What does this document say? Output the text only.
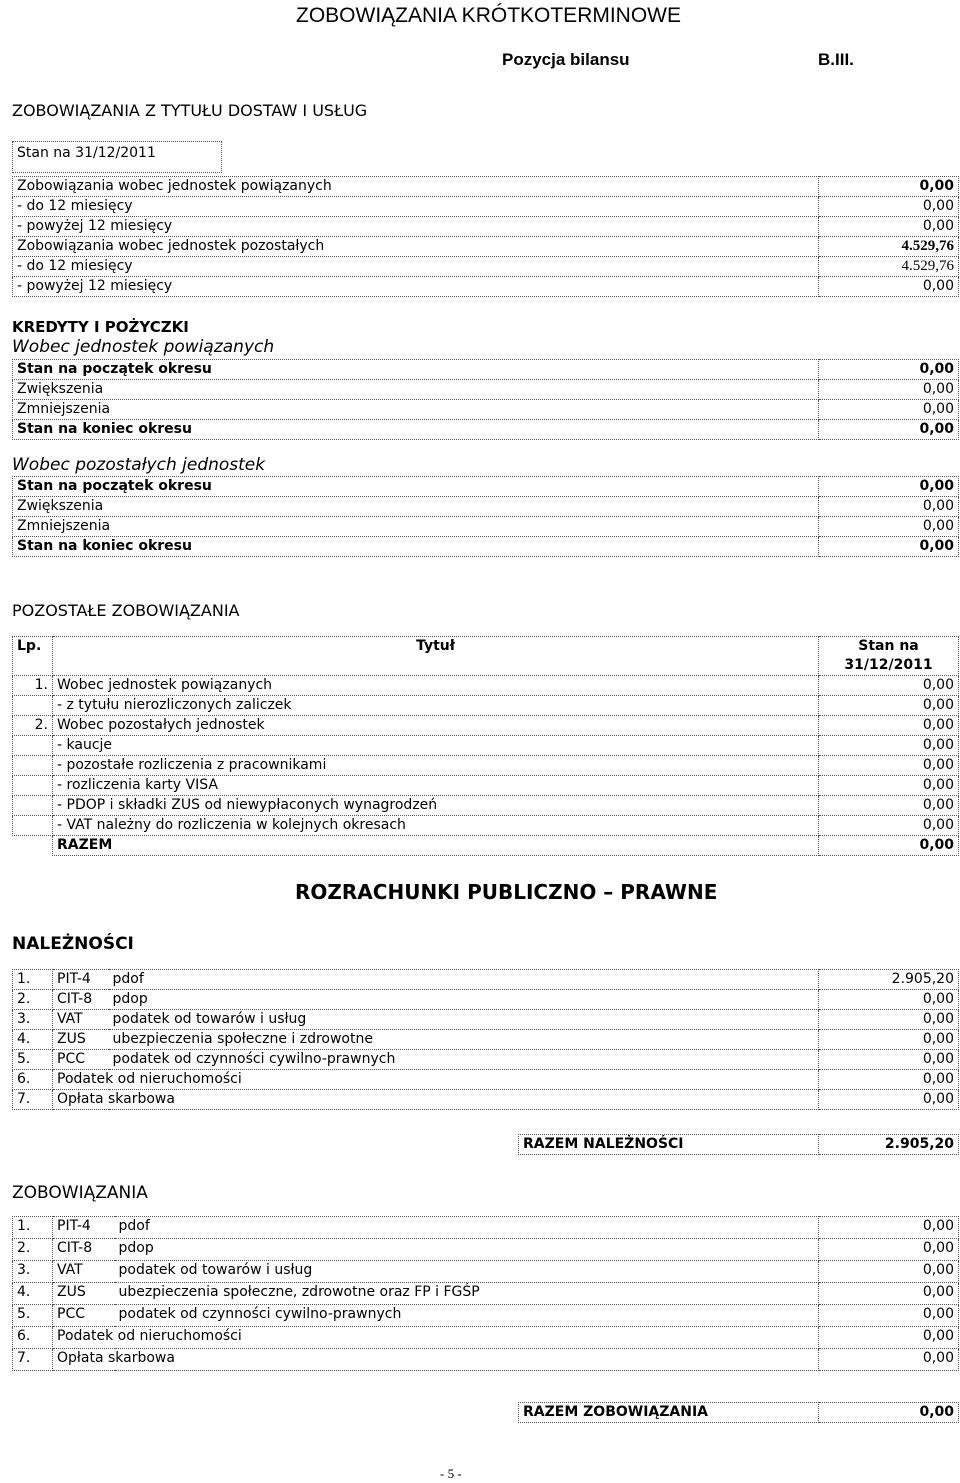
ZOBOWIĄZANIA KRÓTKOTERMINOWE
Pozycja bilansu	B.III.
ZOBOWIĄZANIA Z TYTUŁU DOSTAW I USŁUG
Stan na 31/12/2011
Zobowiązania wobec jednostek powiązanych	0,00
- do 12 miesięcy	0,00
- powyżej 12 miesięcy	0,00
Zobowiązania wobec jednostek pozostałych	4.529,76
- do 12 miesięcy	4.529,76
- powyżej 12 miesięcy	0,00
KREDYTY I POŻYCZKI
Wobec jednostek powiązanych
Stan na początek okresu	0,00
Zwiększenia	0,00
Zmniejszenia	0,00
Stan na koniec okresu	0,00
Wobec pozostałych jednostek
Stan na początek okresu	0,00
Zwiększenia	0,00
Zmniejszenia	0,00
Stan na koniec okresu	0,00
POZOSTAŁE ZOBOWIĄZANIA
Lp.	Tytuł	Stan na
31/12/2011

1.	Wobec jednostek powiązanych	0,00
	- z tytułu nierozliczonych zaliczek	0,00
2.	Wobec pozostałych jednostek	0,00
	- kaucje	0,00
	- pozostałe rozliczenia z pracownikami	0,00
	- rozliczenia karty VISA	0,00
	- PDOP i składki ZUS od niewypłaconych wynagrodzeń	0,00
	- VAT należny do rozliczenia w kolejnych okresach	0,00
	RAZEM	0,00
ROZRACHUNKI PUBLICZNO – PRAWNE
NALEŻNOŚCI
1.	PIT-4	pdof	2.905,20
2.	CIT-8	pdop	0,00
3.	VAT	podatek od towarów i usług	0,00
4.	ZUS	ubezpieczenia społeczne i zdrowotne	0,00
5.	PCC	podatek od czynności cywilno-prawnych	0,00
6.	Podatek od nieruchomości		0,00
7.	Opłata skarbowa		0,00
RAZEM NALEŻNOŚCI	2.905,20
ZOBOWIĄZANIA
1.	PIT-4	pdof	0,00
2.	CIT-8	pdop	0,00
3.	VAT	podatek od towarów i usług	0,00
4.	ZUS	ubezpieczenia społeczne, zdrowotne oraz FP i FGŚP	0,00
5.	PCC	podatek od czynności cywilno-prawnych	0,00
6.	Podatek od nieruchomości		0,00
7.	Opłata skarbowa		0,00
RAZEM ZOBOWIĄZANIA	0,00
- 5 -
